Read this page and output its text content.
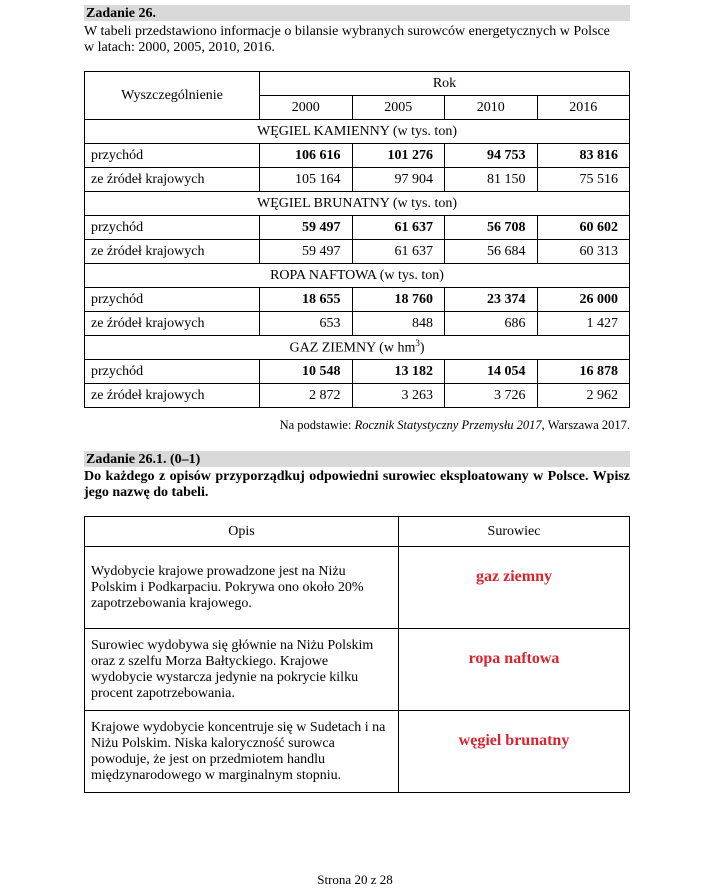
Zadanie 26.
W tabeli przedstawiono informacje o bilansie wybranych surowców energetycznych w Polsce
w latach: 2000, 2005, 2010, 2016.
Wyszczególnienie	Rok			
	2000	2005	2010	2016
WĘGIEL KAMIENNY (w tys. ton)				
przychód	106 616	101 276	94 753	83 816
ze źródeł krajowych	105 164	97 904	81 150	75 516
WĘGIEL BRUNATNY (w tys. ton)				
przychód	59 497	61 637	56 708	60 602
ze źródeł krajowych	59 497	61 637	56 684	60 313
ROPA NAFTOWA (w tys. ton)				
przychód	18 655	18 760	23 374	26 000
ze źródeł krajowych	653	848	686	1 427
GAZ ZIEMNY (w $hm^3$)				
przychód	10 548	13 182	14 054	16 878
ze źródeł krajowych	2 872	3 263	3 726	2 962
Na podstawie: Rocznik Statystyczny Przemysłu 2017, Warszawa 2017.
Zadanie 26.1. (0–1)
Do każdego z opisów przyporządkuj odpowiedni surowiec eksploatowany w Polsce. Wpisz jego nazwę do tabeli.
Opis	Surowiec
Wydobycie krajowe prowadzone jest na Niżu Polskim i Podkarpaciu. Pokrywa ono około 20% zapotrzebowania krajowego.	gaz ziemny
Surowiec wydobywa się głównie na Niżu Polskim oraz z szelfu Morza Bałtyckiego. Krajowe wydobycie wystarcza jedynie na pokrycie kilku procent zapotrzebowania.	ropa naftowa
Krajowe wydobycie koncentruje się w Sudetach i na Niżu Polskim. Niska kaloryczność surowca powoduje, że jest on przedmiotem handlu międzynarodowego w marginalnym stopniu.	węgiel brunatny
Strona 20 z 28
